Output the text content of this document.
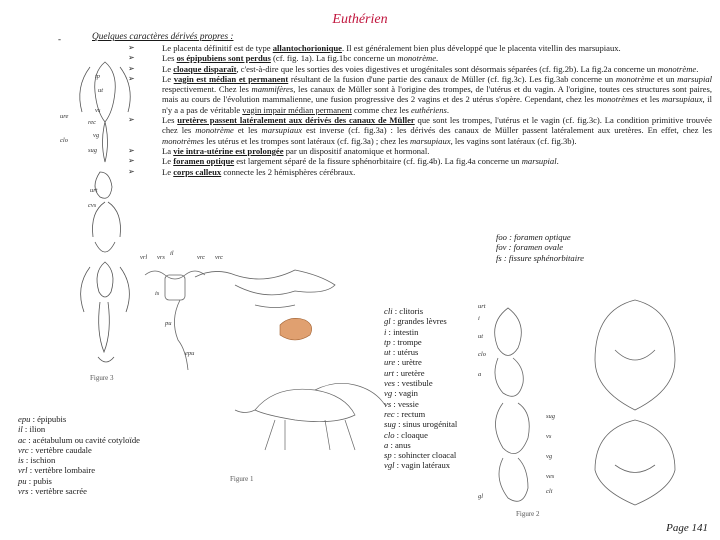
Euthérien
-	Quelques caractères dérivés propres :
➢	Le placenta définitif est de type allantochorionique. Il est généralement bien plus développé que le placenta vitellin des marsupiaux.
➢	Les os épipubiens sont perdus (cf. fig. 1a). La fig.1bc concerne un monotrème.
➢	Le cloaque disparaît, c'est-à-dire que les sorties des voies digestives et urogénitales sont désormais séparées (cf. fig.2b). La fig.2a concerne un monotrème.
➢	Le vagin est médian et permanent résultant de la fusion d'une partie des canaux de Müller (cf. fig.3c). Les fig.3ab concerne un monotrème et un marsupial respectivement. Chez les mammifères, les canaux de Müller sont à l'origine des trompes, de l'utérus et du vagin. A l'origine, toutes ces structures sont paires, mais au cours de l'évolution mammalienne, une fusion progressive des 2 vagins et des 2 utérus s'opère. Cependant, chez les monotrèmes et les marsupiaux, il n'y a a pas de véritable vagin impair médian permanent comme chez les euthériens.
➢	Les uretères passent latéralement aux dérivés des canaux de Müller que sont les trompes, l'utérus et le vagin (cf. fig.3c). La condition primitive trouvée chez les monotrème et les marsupiaux est inverse (cf. fig.3a) : les dérivés des canaux de Müller passent latéralement aux uretères. En effet, chez les monotrèmes les utérus et les trompes sont latéraux (cf. fig.3a) ; chez les marsupiaux, les vagins sont latéraux (cf. fig.3b).
➢	La vie intra-utérine est prolongée par un dispositif anatomique et hormonal.
➢	Le foramen optique est largement séparé de la fissure sphénorbitaire (cf. fig.4b). La fig.4a concerne un marsupial.
➢	Le corps calleux connecte les 2 hémisphères cérébraux.
tp
ut
vs
vg
ure
rec
clo
sug
urt
cvs
Figure 3
vrl vrs
il
vrc vrc
is
pu
epu
Figure 1
urt
i
ut
clo
a
sug
vs
vg
ves
cli
gl
Figure 2
foo : foramen optique
fov : foramen ovale
fs : fissure sphénorbitaire
epu : épipubis
il : ilion
ac : acétabulum ou cavité cotyloïde
vrc : vertèbre caudale
is : ischion
vrl : vertèbre lombaire
pu : pubis
vrs : vertèbre sacrée
cli : clitoris
gl : grandes lèvres
i : intestin
tp : trompe
ut : utérus
ure : urètre
urt : uretère
ves : vestibule
vg : vagin
vs : vessie
rec : rectum
sug : sinus urogénital
clo : cloaque
a : anus
sp : sohincter cloacal
vgl : vagin latéraux
Page 141
